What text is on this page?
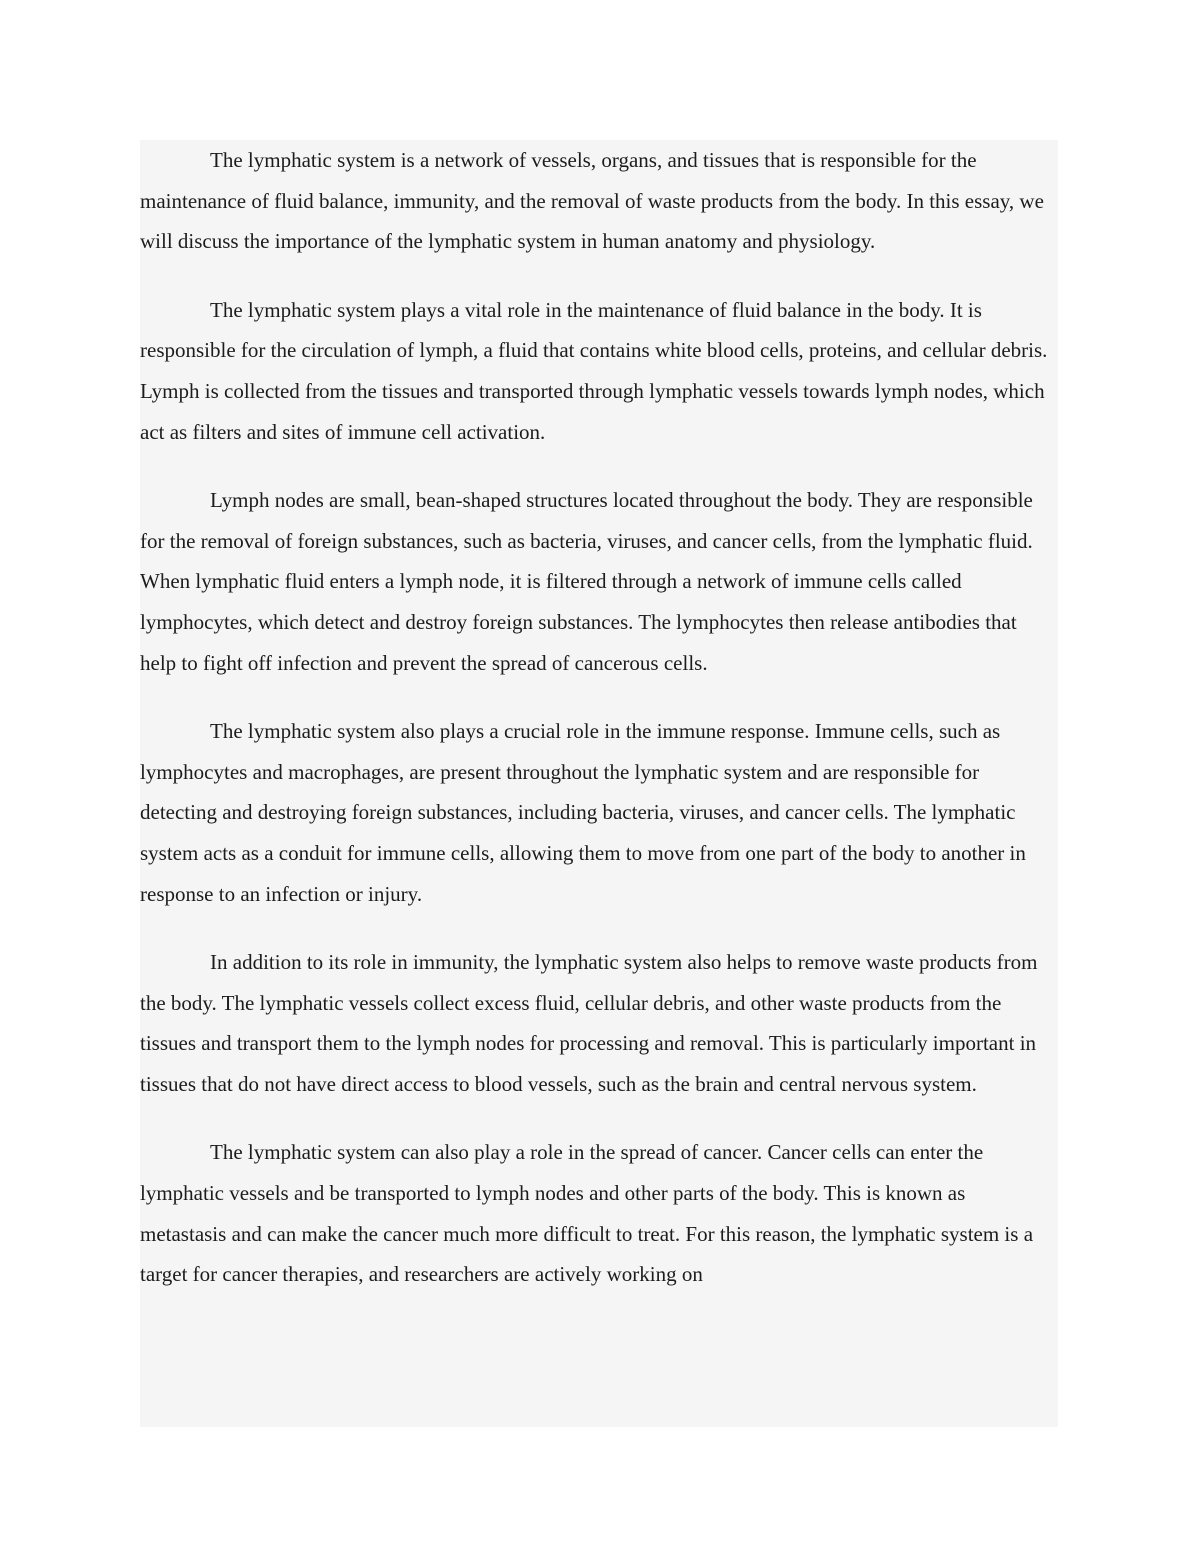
The lymphatic system is a network of vessels, organs, and tissues that is responsible for the maintenance of fluid balance, immunity, and the removal of waste products from the body. In this essay, we will discuss the importance of the lymphatic system in human anatomy and physiology.

The lymphatic system plays a vital role in the maintenance of fluid balance in the body. It is responsible for the circulation of lymph, a fluid that contains white blood cells, proteins, and cellular debris. Lymph is collected from the tissues and transported through lymphatic vessels towards lymph nodes, which act as filters and sites of immune cell activation.

Lymph nodes are small, bean-shaped structures located throughout the body. They are responsible for the removal of foreign substances, such as bacteria, viruses, and cancer cells, from the lymphatic fluid. When lymphatic fluid enters a lymph node, it is filtered through a network of immune cells called lymphocytes, which detect and destroy foreign substances. The lymphocytes then release antibodies that help to fight off infection and prevent the spread of cancerous cells.

The lymphatic system also plays a crucial role in the immune response. Immune cells, such as lymphocytes and macrophages, are present throughout the lymphatic system and are responsible for detecting and destroying foreign substances, including bacteria, viruses, and cancer cells. The lymphatic system acts as a conduit for immune cells, allowing them to move from one part of the body to another in response to an infection or injury.

In addition to its role in immunity, the lymphatic system also helps to remove waste products from the body. The lymphatic vessels collect excess fluid, cellular debris, and other waste products from the tissues and transport them to the lymph nodes for processing and removal. This is particularly important in tissues that do not have direct access to blood vessels, such as the brain and central nervous system.

The lymphatic system can also play a role in the spread of cancer. Cancer cells can enter the lymphatic vessels and be transported to lymph nodes and other parts of the body. This is known as metastasis and can make the cancer much more difficult to treat. For this reason, the lymphatic system is a target for cancer therapies, and researchers are actively working on
